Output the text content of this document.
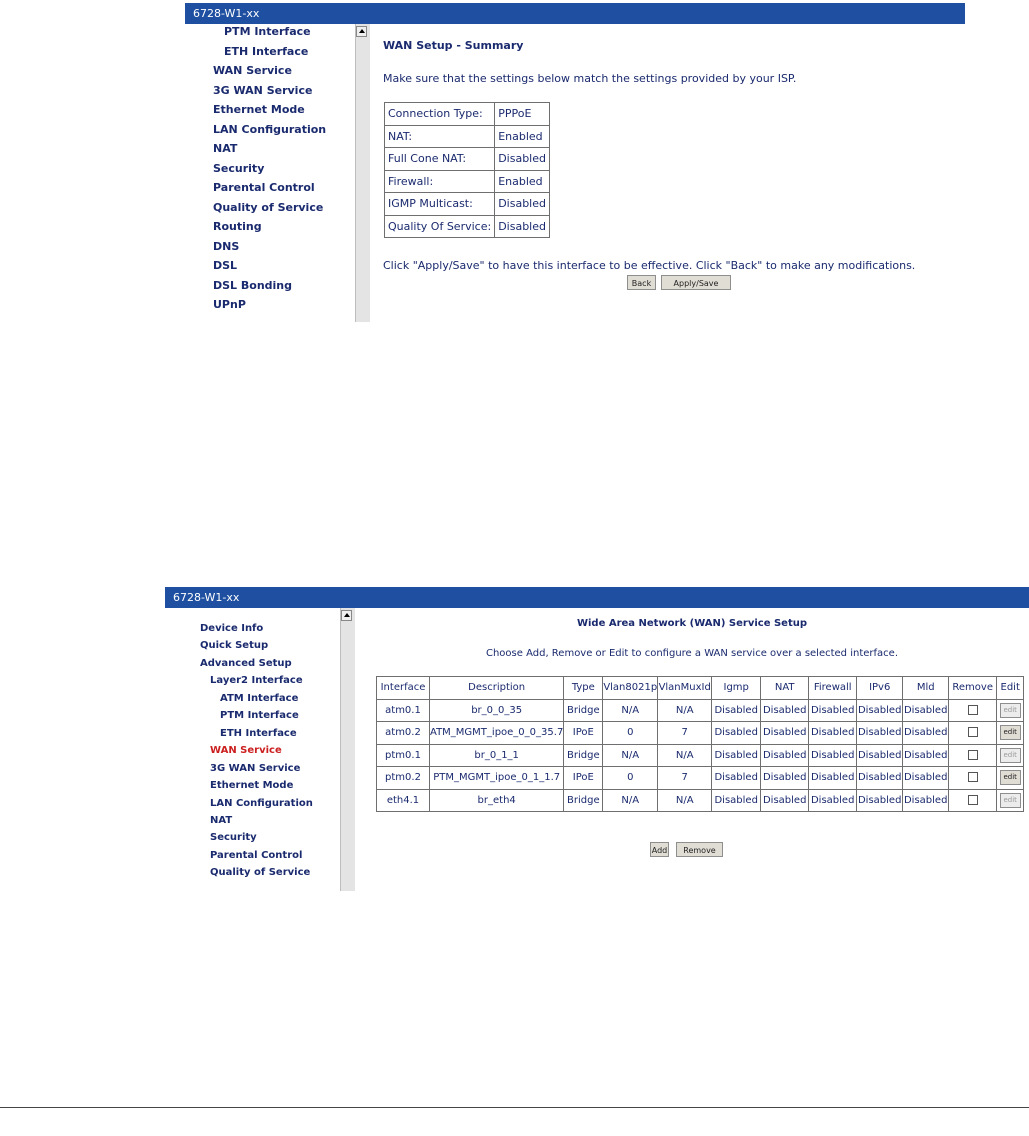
6728-W1-xx
PTM Interface
ETH Interface
WAN Service
3G WAN Service
Ethernet Mode
LAN Configuration
NAT
Security
Parental Control
Quality of Service
Routing
DNS
DSL
DSL Bonding
UPnP
WAN Setup - Summary
Make sure that the settings below match the settings provided by your ISP.
Connection Type:	PPPoE
NAT:	Enabled
Full Cone NAT:	Disabled
Firewall:	Enabled
IGMP Multicast:	Disabled
Quality Of Service:	Disabled
Click "Apply/Save" to have this interface to be effective. Click "Back" to make any modifications.
Back	Apply/Save
6728-W1-xx
Device Info
Quick Setup
Advanced Setup
Layer2 Interface
ATM Interface
PTM Interface
ETH Interface
WAN Service
3G WAN Service
Ethernet Mode
LAN Configuration
NAT
Security
Parental Control
Quality of Service
Wide Area Network (WAN) Service Setup
Choose Add, Remove or Edit to configure a WAN service over a selected interface.
Interface	Description	Type	Vlan8021p	VlanMuxId	Igmp	NAT	Firewall	IPv6	Mld	Remove	Edit
atm0.1	br_0_0_35	Bridge	N/A	N/A	Disabled	Disabled	Disabled	Disabled	Disabled		edit
atm0.2	ATM_MGMT_ipoe_0_0_35.7	IPoE	0	7	Disabled	Disabled	Disabled	Disabled	Disabled		edit
ptm0.1	br_0_1_1	Bridge	N/A	N/A	Disabled	Disabled	Disabled	Disabled	Disabled		edit
ptm0.2	PTM_MGMT_ipoe_0_1_1.7	IPoE	0	7	Disabled	Disabled	Disabled	Disabled	Disabled		edit
eth4.1	br_eth4	Bridge	N/A	N/A	Disabled	Disabled	Disabled	Disabled	Disabled		edit
Add	Remove
